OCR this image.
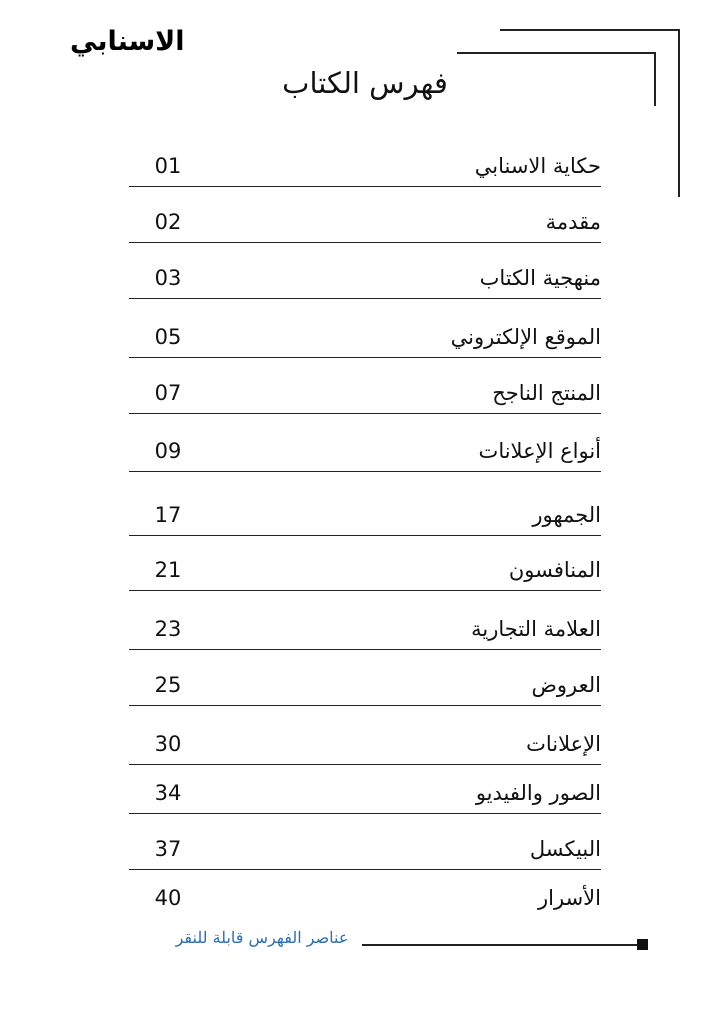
الاسنابي
فهرس الكتاب
حكاية الاسنابي
01
مقدمة
02
منهجية الكتاب
03
الموقع الإلكتروني
05
المنتج الناجح
07
أنواع الإعلانات
09
الجمهور
17
المنافسون
21
العلامة التجارية
23
العروض
25
الإعلانات
30
الصور والفيديو
34
البيكسل
37
الأسرار
40
عناصر الفهرس قابلة للنقر
